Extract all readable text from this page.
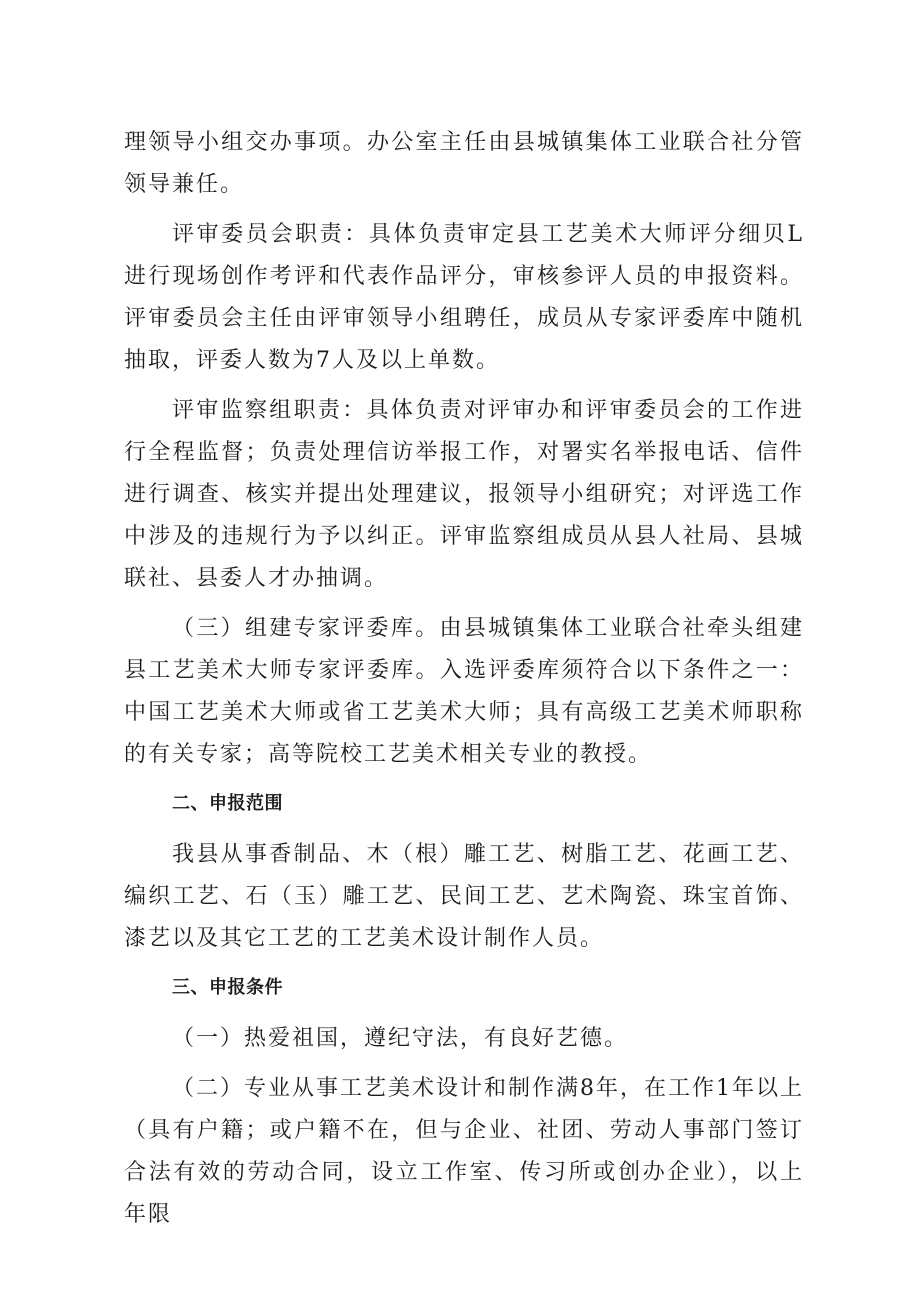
理领导小组交办事项。办公室主任由县城镇集体工业联合社分管领导兼任。

评审委员会职责：具体负责审定县工艺美术大师评分细贝L进行现场创作考评和代表作品评分，审核参评人员的申报资料。评审委员会主任由评审领导小组聘任，成员从专家评委库中随机抽取，评委人数为7人及以上单数。

评审监察组职责：具体负责对评审办和评审委员会的工作进行全程监督；负责处理信访举报工作，对署实名举报电话、信件进行调查、核实并提出处理建议，报领导小组研究；对评选工作中涉及的违规行为予以纠正。评审监察组成员从县人社局、县城联社、县委人才办抽调。

（三）组建专家评委库。由县城镇集体工业联合社牵头组建县工艺美术大师专家评委库。入选评委库须符合以下条件之一：中国工艺美术大师或省工艺美术大师；具有高级工艺美术师职称的有关专家；高等院校工艺美术相关专业的教授。

二、申报范围

我县从事香制品、木（根）雕工艺、树脂工艺、花画工艺、编织工艺、石（玉）雕工艺、民间工艺、艺术陶瓷、珠宝首饰、漆艺以及其它工艺的工艺美术设计制作人员。

三、申报条件

（一）热爱祖国，遵纪守法，有良好艺德。

（二）专业从事工艺美术设计和制作满8年，在工作1年以上（具有户籍；或户籍不在，但与企业、社团、劳动人事部门签订合法有效的劳动合同，设立工作室、传习所或创办企业），以上年限
